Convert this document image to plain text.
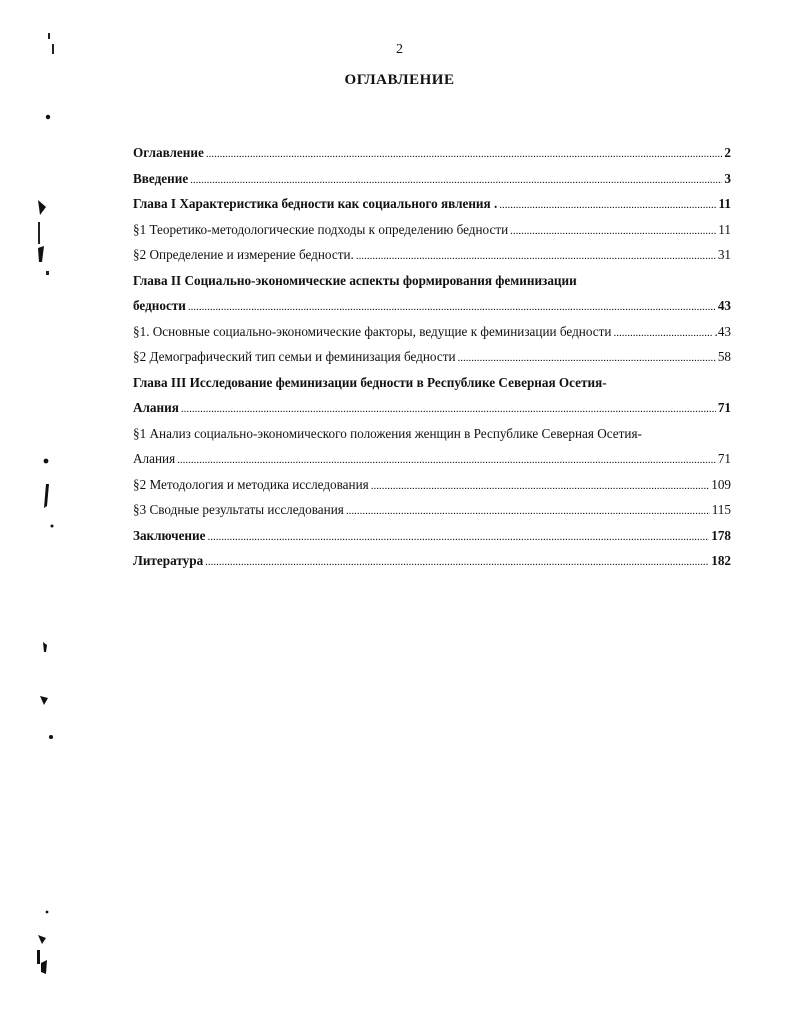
2
ОГЛАВЛЕНИЕ
Оглавление .....	2
Введение .....	3
Глава I Характеристика бедности как социального явления . .....	11
§1 Теоретико-методологические подходы к определению бедности .....	11
§2 Определение и измерение бедности. .....	31
Глава II Социально-экономические аспекты формирования феминизации
бедности .....	43
§1. Основные социально-экономические факторы, ведущие к феминизации бедности .....	.43
§2 Демографический тип семьи и феминизация бедности .....	58
Глава III Исследование феминизации бедности в Республике Северная Осетия-
Алания .....	71
§1 Анализ социально-экономического положения женщин в Республике Северная Осетия-
Алания .....	71
§2 Методология и методика исследования .....	109
§3 Сводные результаты исследования .....	115
Заключение .....	178
Литература .....	182
